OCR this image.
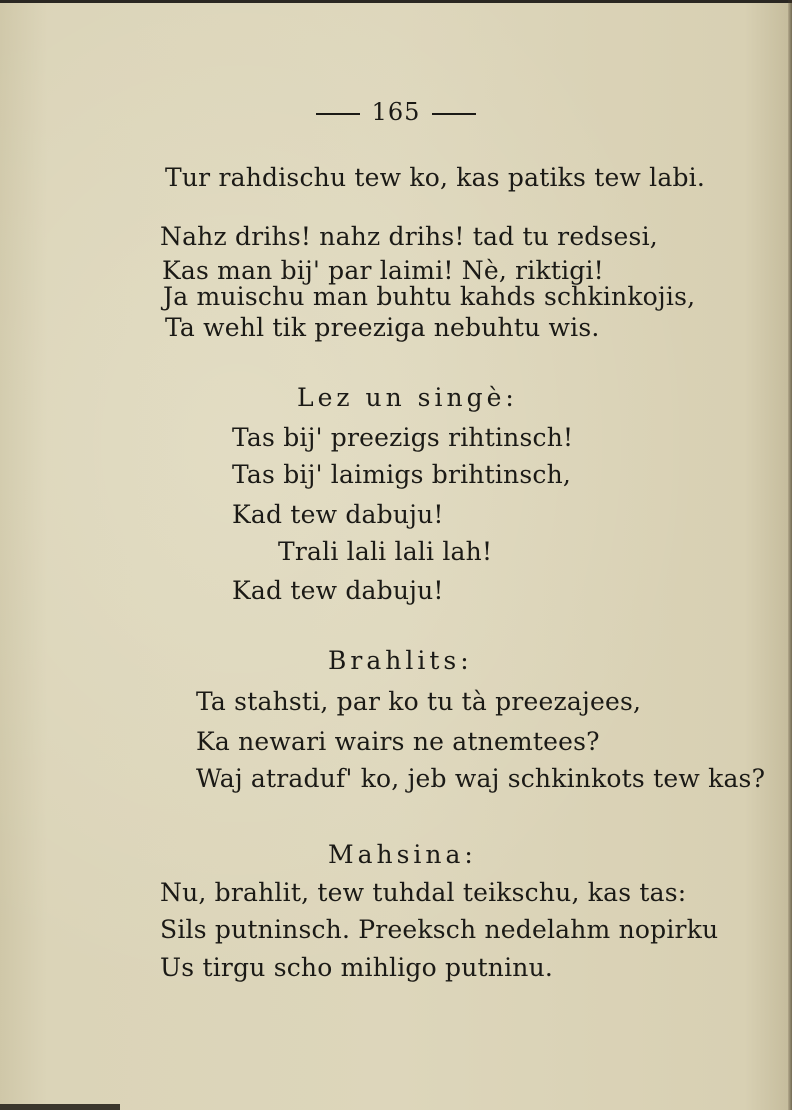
165
Tur rahdischu tew ko, kas patiks tew labi.
Nahz drihs! nahz drihs! tad tu redsesi,
Kas man bij' par laimi! Nè, riktigi!
Ja muischu man buhtu kahds schkinkojis,
Ta wehl tik preeziga nebuhtu wis.
Lez un singè:
Tas bij' preezigs rihtinsch!
Tas bij' laimigs brihtinsch,
Kad tew dabuju!
Trali lali lali lah!
Kad tew dabuju!
Brahlits:
Ta stahsti, par ko tu tà preezajees,
Ka newari wairs ne atnemtees?
Waj atraduf' ko, jeb waj schkinkots tew kas?
Mahsina:
Nu, brahlit, tew tuhdal teikschu, kas tas:
Sils putninsch. Preeksch nedelahm nopirku
Us tirgu scho mihligo putninu.
